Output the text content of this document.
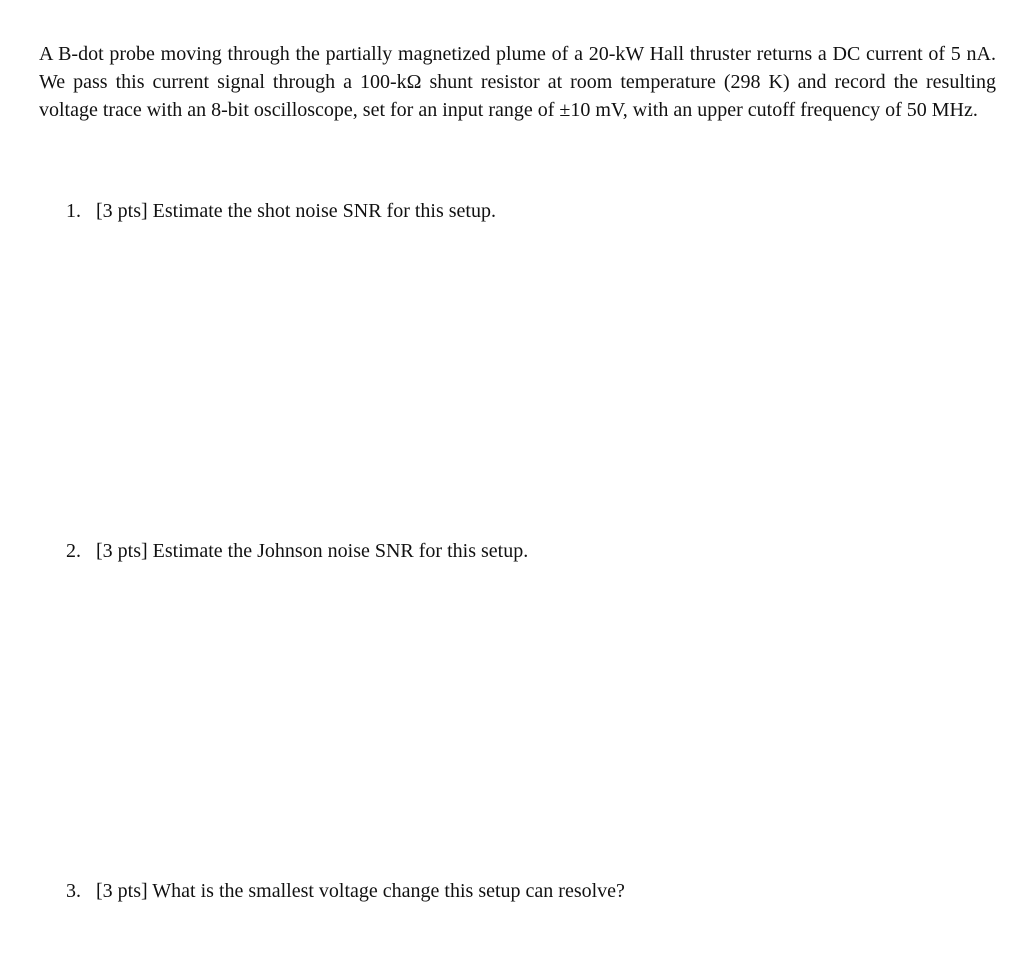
A B-dot probe moving through the partially magnetized plume of a 20-kW Hall thruster returns a DC current of 5 nA. We pass this current signal through a 100-kΩ shunt resistor at room temperature (298 K) and record the resulting voltage trace with an 8-bit oscilloscope, set for an input range of ±10 mV, with an upper cutoff frequency of 50 MHz.

1. [3 pts] Estimate the shot noise SNR for this setup.

2. [3 pts] Estimate the Johnson noise SNR for this setup.

3. [3 pts] What is the smallest voltage change this setup can resolve?
